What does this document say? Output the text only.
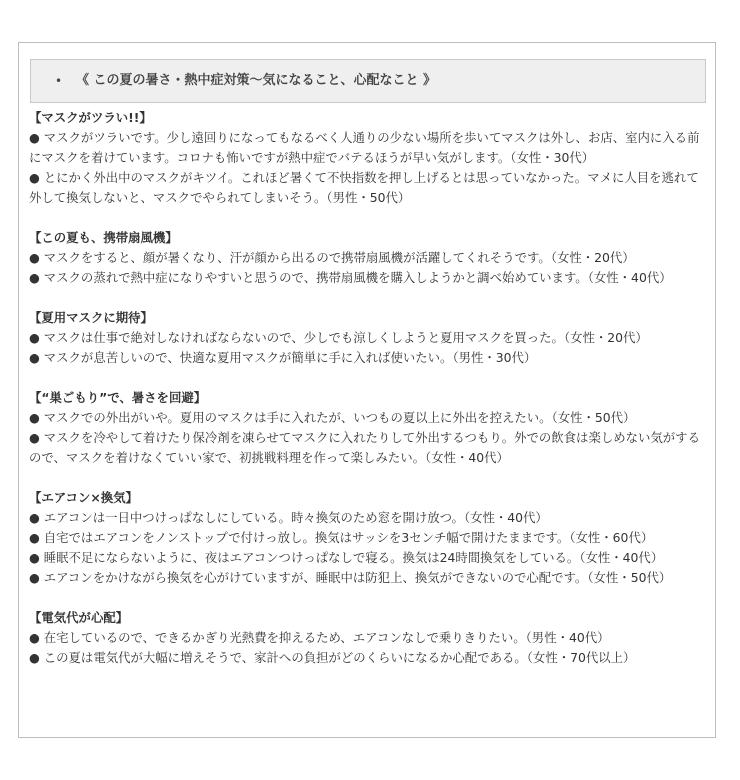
• 《 この夏の暑さ・熱中症対策〜気になること、心配なこと 》
【マスクがツラい!!】
● マスクがツラいです。少し遠回りになってもなるべく人通りの少ない場所を歩いてマスクは外し、お店、室内に入る前にマスクを着けています。コロナも怖いですが熱中症でバテるほうが早い気がします。（女性・30代）
● とにかく外出中のマスクがキツイ。これほど暑くて不快指数を押し上げるとは思っていなかった。マメに人目を逃れて外して換気しないと、マスクでやられてしまいそう。（男性・50代）
【この夏も、携帯扇風機】
● マスクをすると、顔が暑くなり、汗が顔から出るので携帯扇風機が活躍してくれそうです。（女性・20代）
● マスクの蒸れで熱中症になりやすいと思うので、携帯扇風機を購入しようかと調べ始めています。（女性・40代）
【夏用マスクに期待】
● マスクは仕事で絶対しなければならないので、少しでも涼しくしようと夏用マスクを買った。（女性・20代）
● マスクが息苦しいので、快適な夏用マスクが簡単に手に入れば使いたい。（男性・30代）
【“巣ごもり”で、暑さを回避】
● マスクでの外出がいや。夏用のマスクは手に入れたが、いつもの夏以上に外出を控えたい。（女性・50代）
● マスクを冷やして着けたり保冷剤を凍らせてマスクに入れたりして外出するつもり。外での飲食は楽しめない気がするので、マスクを着けなくていい家で、初挑戦料理を作って楽しみたい。（女性・40代）
【エアコン×換気】
● エアコンは一日中つけっぱなしにしている。時々換気のため窓を開け放つ。（女性・40代）
● 自宅ではエアコンをノンストップで付けっ放し。換気はサッシを3センチ幅で開けたままです。（女性・60代）
● 睡眠不足にならないように、夜はエアコンつけっぱなしで寝る。換気は24時間換気をしている。（女性・40代）
● エアコンをかけながら換気を心がけていますが、睡眠中は防犯上、換気ができないので心配です。（女性・50代）
【電気代が心配】
● 在宅しているので、できるかぎり光熱費を抑えるため、エアコンなしで乗りきりたい。（男性・40代）
● この夏は電気代が大幅に増えそうで、家計への負担がどのくらいになるか心配である。（女性・70代以上）
